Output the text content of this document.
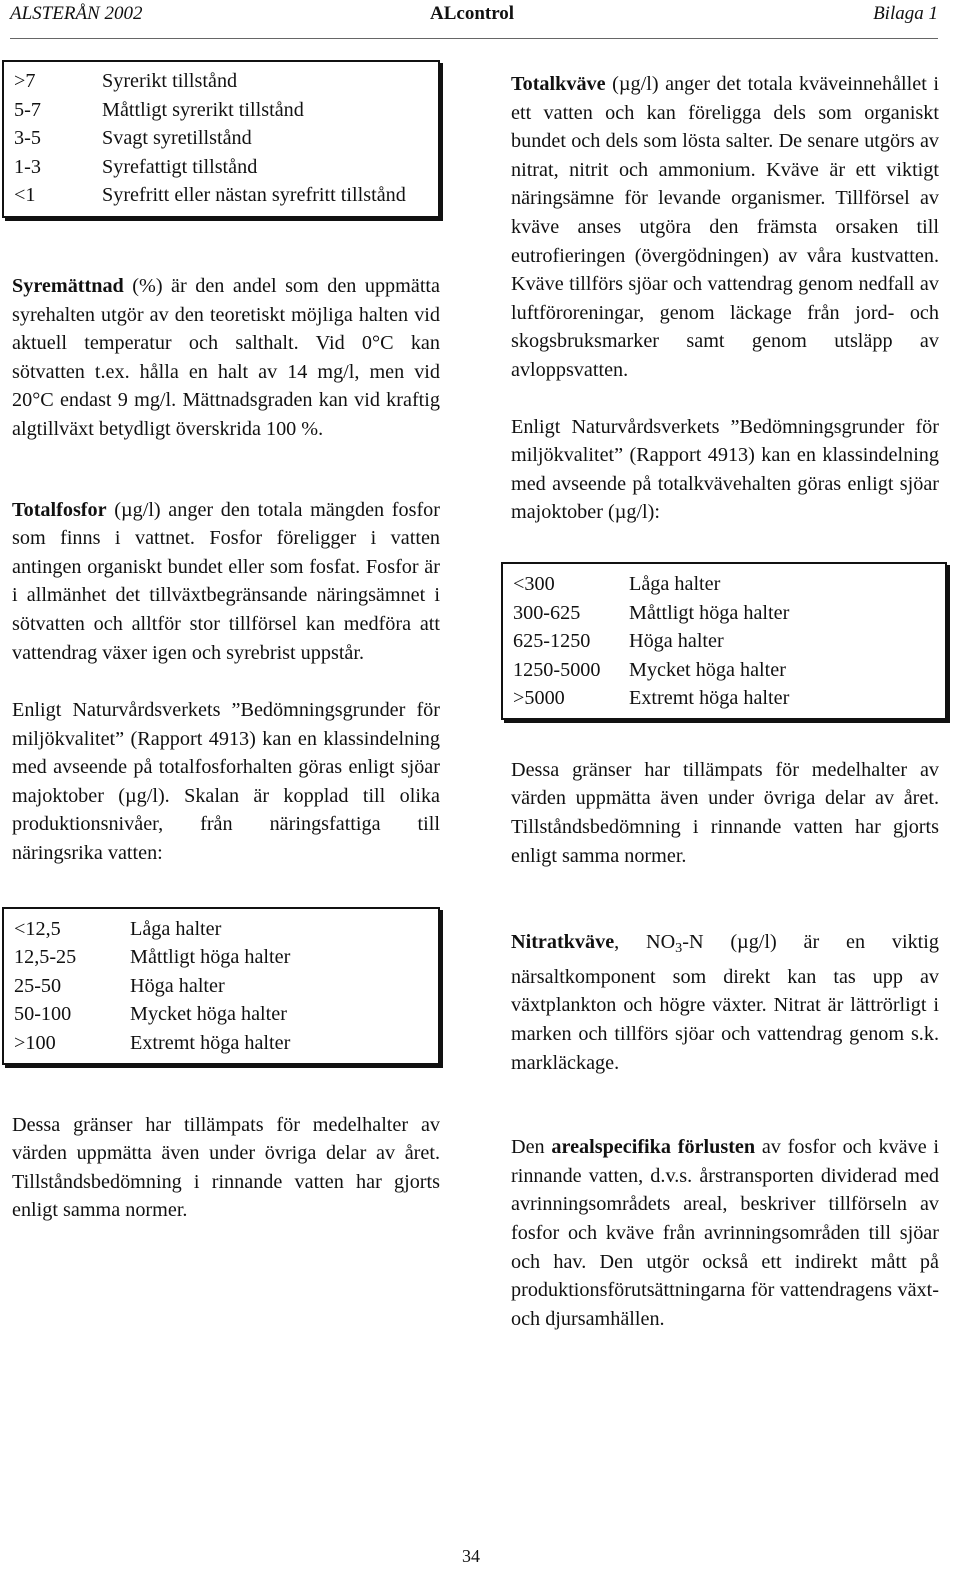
ALSTERÅN 2002	ALcontrol	Bilaga 1
>7	Syrerikt tillstånd
5-7	Måttligt syrerikt tillstånd
3-5	Svagt syretillstånd
1-3	Syrefattigt tillstånd
<1	Syrefritt eller nästan syrefritt tillstånd

Syremättnad (%) är den andel som den uppmätta syrehalten utgör av den teoretiskt möjliga halten vid aktuell temperatur och salthalt. Vid 0°C kan sötvatten t.ex. hålla en halt av 14 mg/l, men vid 20°C endast 9 mg/l. Mättnadsgraden kan vid kraftig algtillväxt betydligt överskrida 100 %.

Totalfosfor (µg/l) anger den totala mängden fosfor som finns i vattnet. Fosfor föreligger i vatten antingen organiskt bundet eller som fosfat. Fosfor är i allmänhet det tillväxtbegränsande näringsämnet i sötvatten och alltför stor tillförsel kan medföra att vattendrag växer igen och syrebrist uppstår.

Enligt Naturvårdsverkets ”Bedömningsgrunder för miljökvalitet” (Rapport 4913) kan en klassindelning med avseende på totalfosforhalten göras enligt sjöar majoktober (µg/l). Skalan är kopplad till olika produktionsnivåer, från näringsfattiga till näringsrika vatten:

<12,5	Låga halter
12,5-25	Måttligt höga halter
25-50	Höga halter
50-100	Mycket höga halter
>100	Extremt höga halter

Dessa gränser har tillämpats för medelhalter av värden uppmätta även under övriga delar av året. Tillståndsbedömning i rinnande vatten har gjorts enligt samma normer.

Totalkväve (µg/l) anger det totala kväveinnehållet i ett vatten och kan föreligga dels som organiskt bundet och dels som lösta salter. De senare utgörs av nitrat, nitrit och ammonium. Kväve är ett viktigt näringsämne för levande organismer. Tillförsel av kväve anses utgöra den främsta orsaken till eutrofieringen (övergödningen) av våra kustvatten. Kväve tillförs sjöar och vattendrag genom nedfall av luftföroreningar, genom läckage från jord- och skogsbruksmarker samt genom utsläpp av avloppsvatten.

Enligt Naturvårdsverkets ”Bedömningsgrunder för miljökvalitet” (Rapport 4913) kan en klassindelning med avseende på totalkvävehalten göras enligt sjöar majoktober (µg/l):

<300	Låga halter
300-625	Måttligt höga halter
625-1250	Höga halter
1250-5000	Mycket höga halter
>5000	Extremt höga halter

Dessa gränser har tillämpats för medelhalter av värden uppmätta även under övriga delar av året. Tillståndsbedömning i rinnande vatten har gjorts enligt samma normer.

Nitratkväve, $NO_3-N$ (µg/l) är en viktig närsaltkomponent som direkt kan tas upp av växtplankton och högre växter. Nitrat är lättrörligt i marken och tillförs sjöar och vattendrag genom s.k. markläckage.

Den arealspecifika förlusten av fosfor och kväve i rinnande vatten, d.v.s. årstransporten dividerad med avrinningsområdets areal, beskriver tillförseln av fosfor och kväve från avrinningsområden till sjöar och hav. Den utgör också ett indirekt mått på produktionsförutsättningarna för vattendragens växt- och djursamhällen.

34
